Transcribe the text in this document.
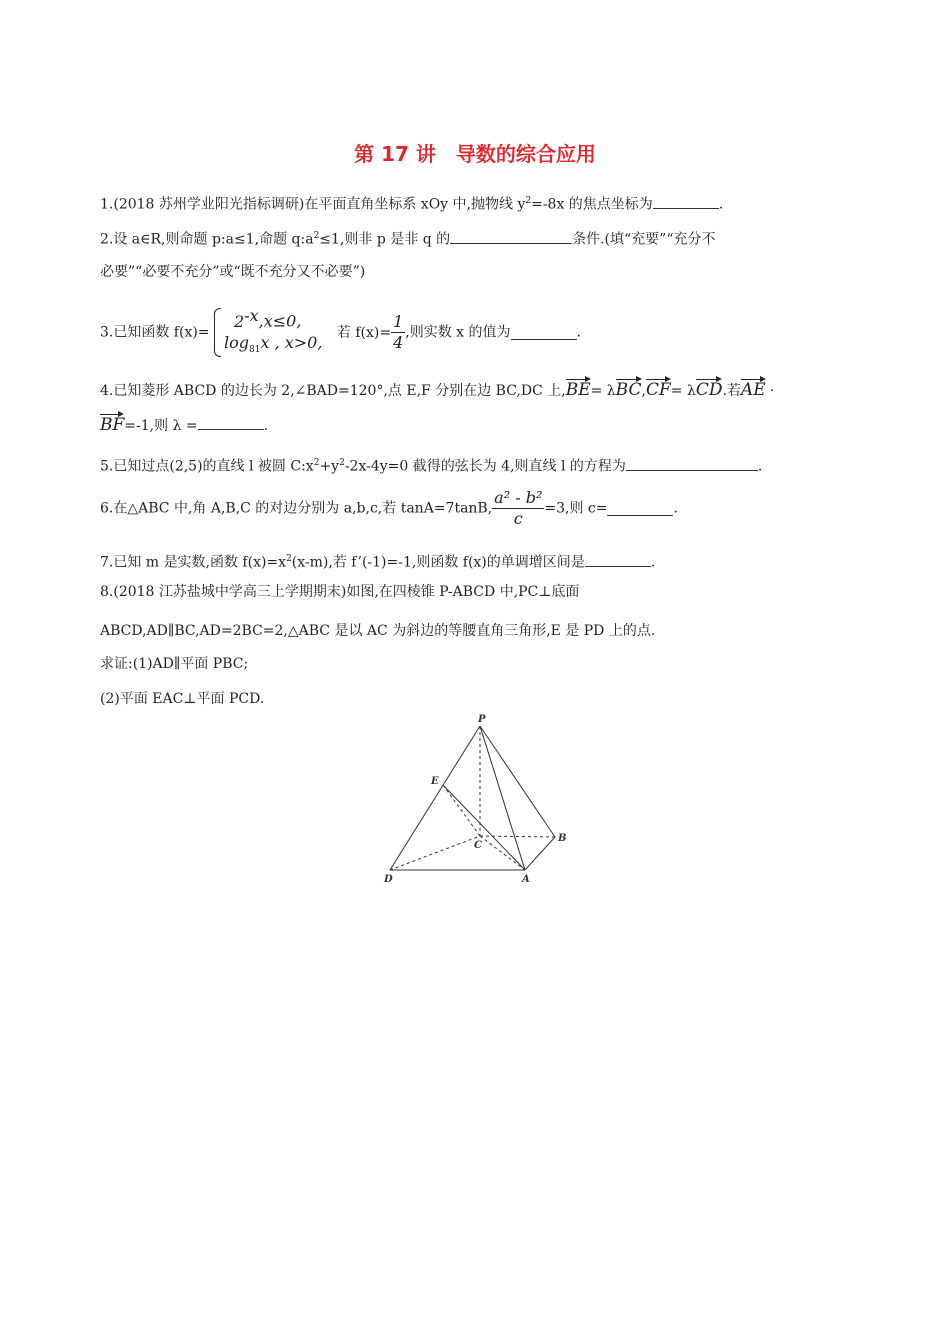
第 17 讲　导数的综合应用
1.(2018 苏州学业阳光指标调研)在平面直角坐标系 xOy 中,抛物线 $y^2=-8x$ 的焦点坐标为	.
2.设 a∈R,则命题 p:a≤1,命题 $q:a^2\le 1$,则非 p 是非 q 的	条件.(填“充要”“充分不
必要”“必要不充分”或“既不充分又不必要”)
3.已知函数 f(x)=
$2^{-x},x\le 0$,
$\log_{81}x$ , x>0, 若 $f(x)= \frac{1}{4}$ ,则实数 x 的值为	.
4.已知菱形 ABCD 的边长为 2,∠BAD=120°,点 E,F 分别在边 BC,DC 上,BE= λBC,CF= λCD.若AE ·
BF=-1,则 λ =	.
5.已知过点(2,5)的直线 l 被圆 $C:x^2+y^2-2x-4y=0$ 截得的弦长为 4,则直线 l 的方程为	.
6.在△ABC 中,角 A,B,C 的对边分别为 a,b,c,若 tanA=7tanB, $\frac{\text{a² - b²}}{c} =3$,则 c=	.
7.已知 m 是实数,函数 $f(x)=x^2(x-m)$,若 f’(-1)=-1,则函数 f(x)的单调增区间是	.
8.(2018 江苏盐城中学高三上学期期末)如图,在四棱锥 P-ABCD 中,PC⊥底面
ABCD,AD∥BC,AD=2BC=2,△ABC 是以 AC 为斜边的等腰直角三角形,E 是 PD 上的点.
求证:(1)AD∥平面 PBC;
(2)平面 EAC⊥平面 PCD.
P
E
B
C
D	A
